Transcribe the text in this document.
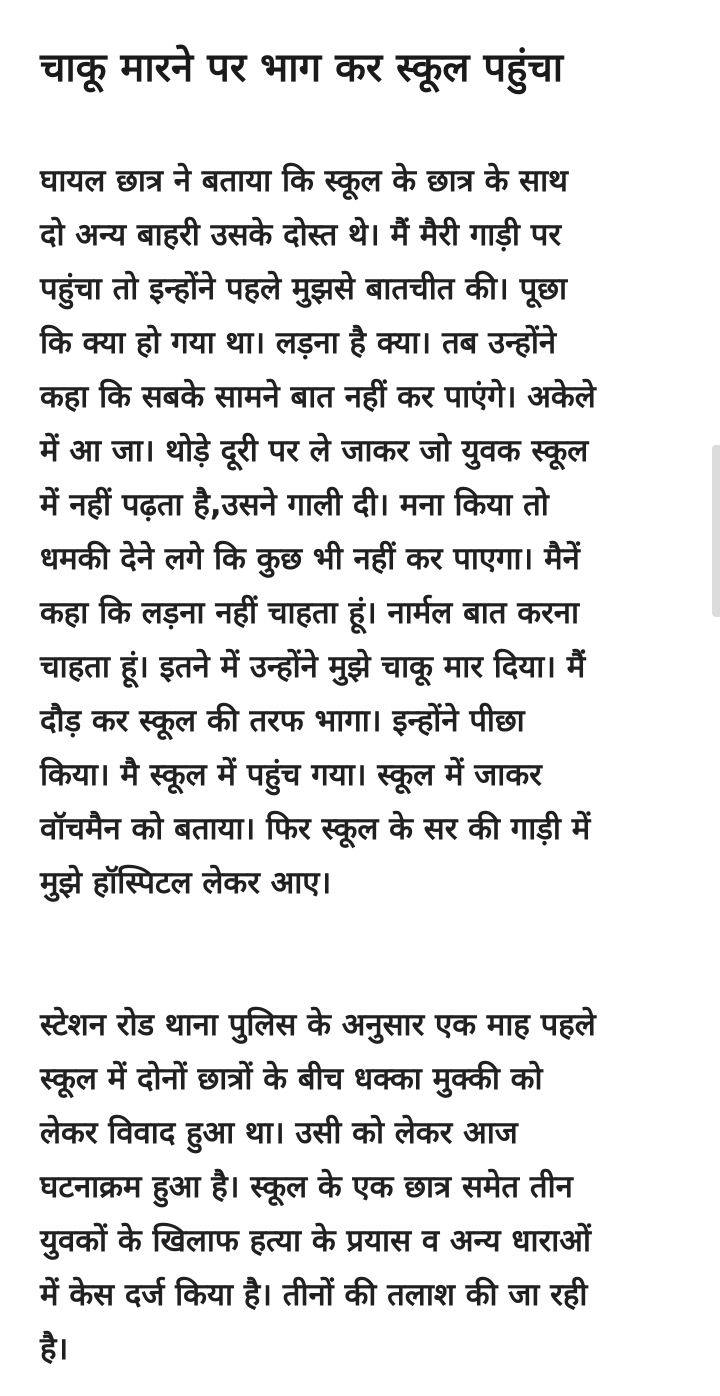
चाकू मारने पर भाग कर स्कूल पहुंचा

घायल छात्र ने बताया कि स्कूल के छात्र के साथ
दो अन्य बाहरी उसके दोस्त थे। मैं मैरी गाड़ी पर
पहुंचा तो इन्होंने पहले मुझसे बातचीत की। पूछा
कि क्या हो गया था। लड़ना है क्या। तब उन्होंने
कहा कि सबके सामने बात नहीं कर पाएंगे। अकेले
में आ जा। थोड़े दूरी पर ले जाकर जो युवक स्कूल
में नहीं पढ़ता है,उसने गाली दी। मना किया तो
धमकी देने लगे कि कुछ भी नहीं कर पाएगा। मैनें
कहा कि लड़ना नहीं चाहता हूं। नार्मल बात करना
चाहता हूं। इतने में उन्होंने मुझे चाकू मार दिया। मैं
दौड़ कर स्कूल की तरफ भागा। इन्होंने पीछा
किया। मै स्कूल में पहुंच गया। स्कूल में जाकर
वॉचमैन को बताया। फिर स्कूल के सर की गाड़ी में
मुझे हॉस्पिटल लेकर आए।

स्टेशन रोड थाना पुलिस के अनुसार एक माह पहले
स्कूल में दोनों छात्रों के बीच धक्का मुक्की को
लेकर विवाद हुआ था। उसी को लेकर आज
घटनाक्रम हुआ है। स्कूल के एक छात्र समेत तीन
युवकों के खिलाफ हत्या के प्रयास व अन्य धाराओं
में केस दर्ज किया है। तीनों की तलाश की जा रही
है।
